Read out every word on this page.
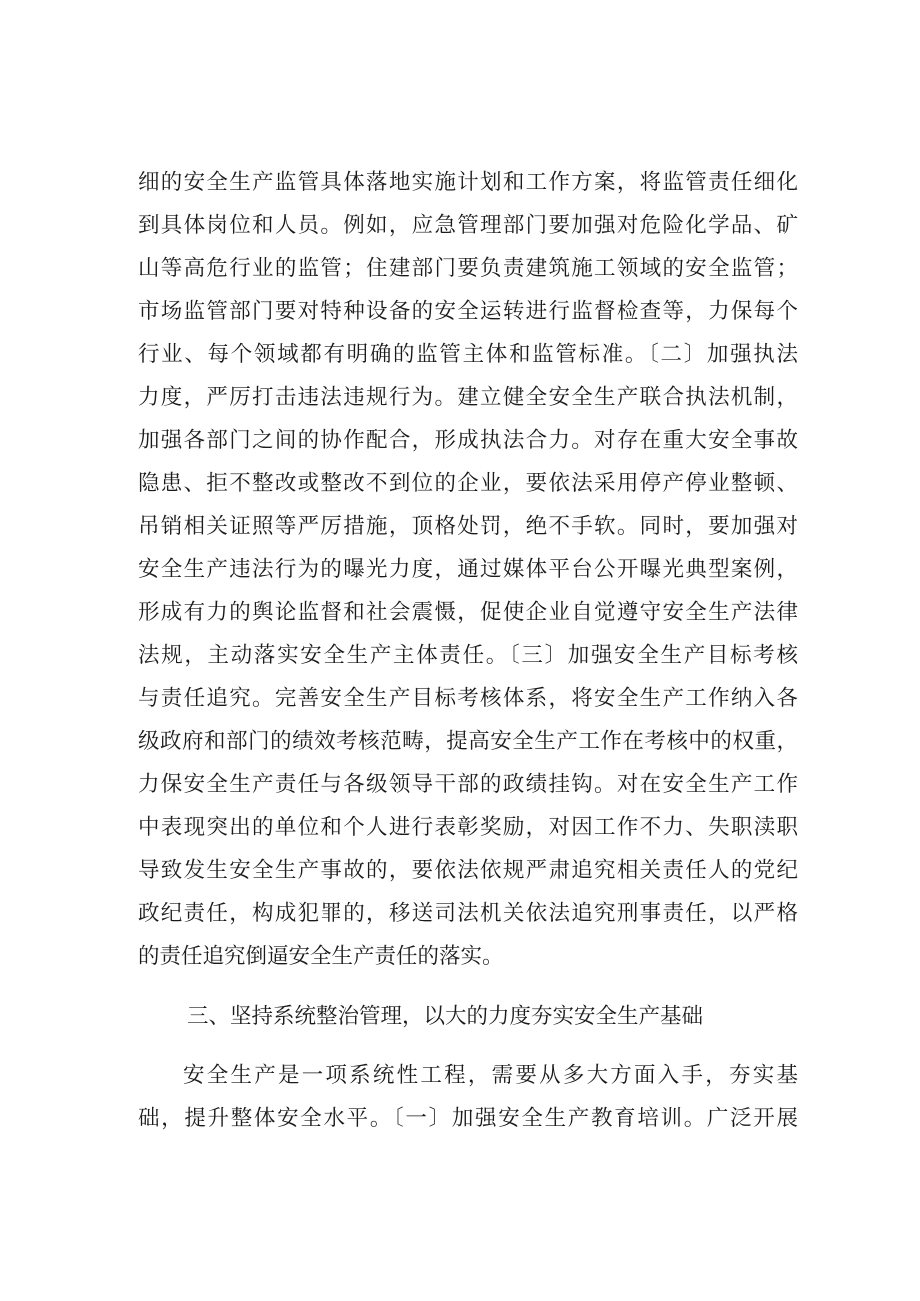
细的安全生产监管具体落地实施计划和工作方案，将监管责任细化
到具体岗位和人员。例如，应急管理部门要加强对危险化学品、矿
山等高危行业的监管；住建部门要负责建筑施工领域的安全监管；
市场监管部门要对特种设备的安全运转进行监督检查等，力保每个
行业、每个领域都有明确的监管主体和监管标准。〔二〕加强执法
力度，严厉打击违法违规行为。建立健全安全生产联合执法机制，
加强各部门之间的协作配合，形成执法合力。对存在重大安全事故
隐患、拒不整改或整改不到位的企业，要依法采用停产停业整顿、
吊销相关证照等严厉措施，顶格处罚，绝不手软。同时，要加强对
安全生产违法行为的曝光力度，通过媒体平台公开曝光典型案例，
形成有力的舆论监督和社会震慑，促使企业自觉遵守安全生产法律
法规，主动落实安全生产主体责任。〔三〕加强安全生产目标考核
与责任追究。完善安全生产目标考核体系，将安全生产工作纳入各
级政府和部门的绩效考核范畴，提高安全生产工作在考核中的权重，
力保安全生产责任与各级领导干部的政绩挂钩。对在安全生产工作
中表现突出的单位和个人进行表彰奖励，对因工作不力、失职渎职
导致发生安全生产事故的，要依法依规严肃追究相关责任人的党纪
政纪责任，构成犯罪的，移送司法机关依法追究刑事责任，以严格
的责任追究倒逼安全生产责任的落实。
三、坚持系统整治管理，以大的力度夯实安全生产基础
安全生产是一项系统性工程，需要从多大方面入手，夯实基
础，提升整体安全水平。〔一〕加强安全生产教育培训。广泛开展
